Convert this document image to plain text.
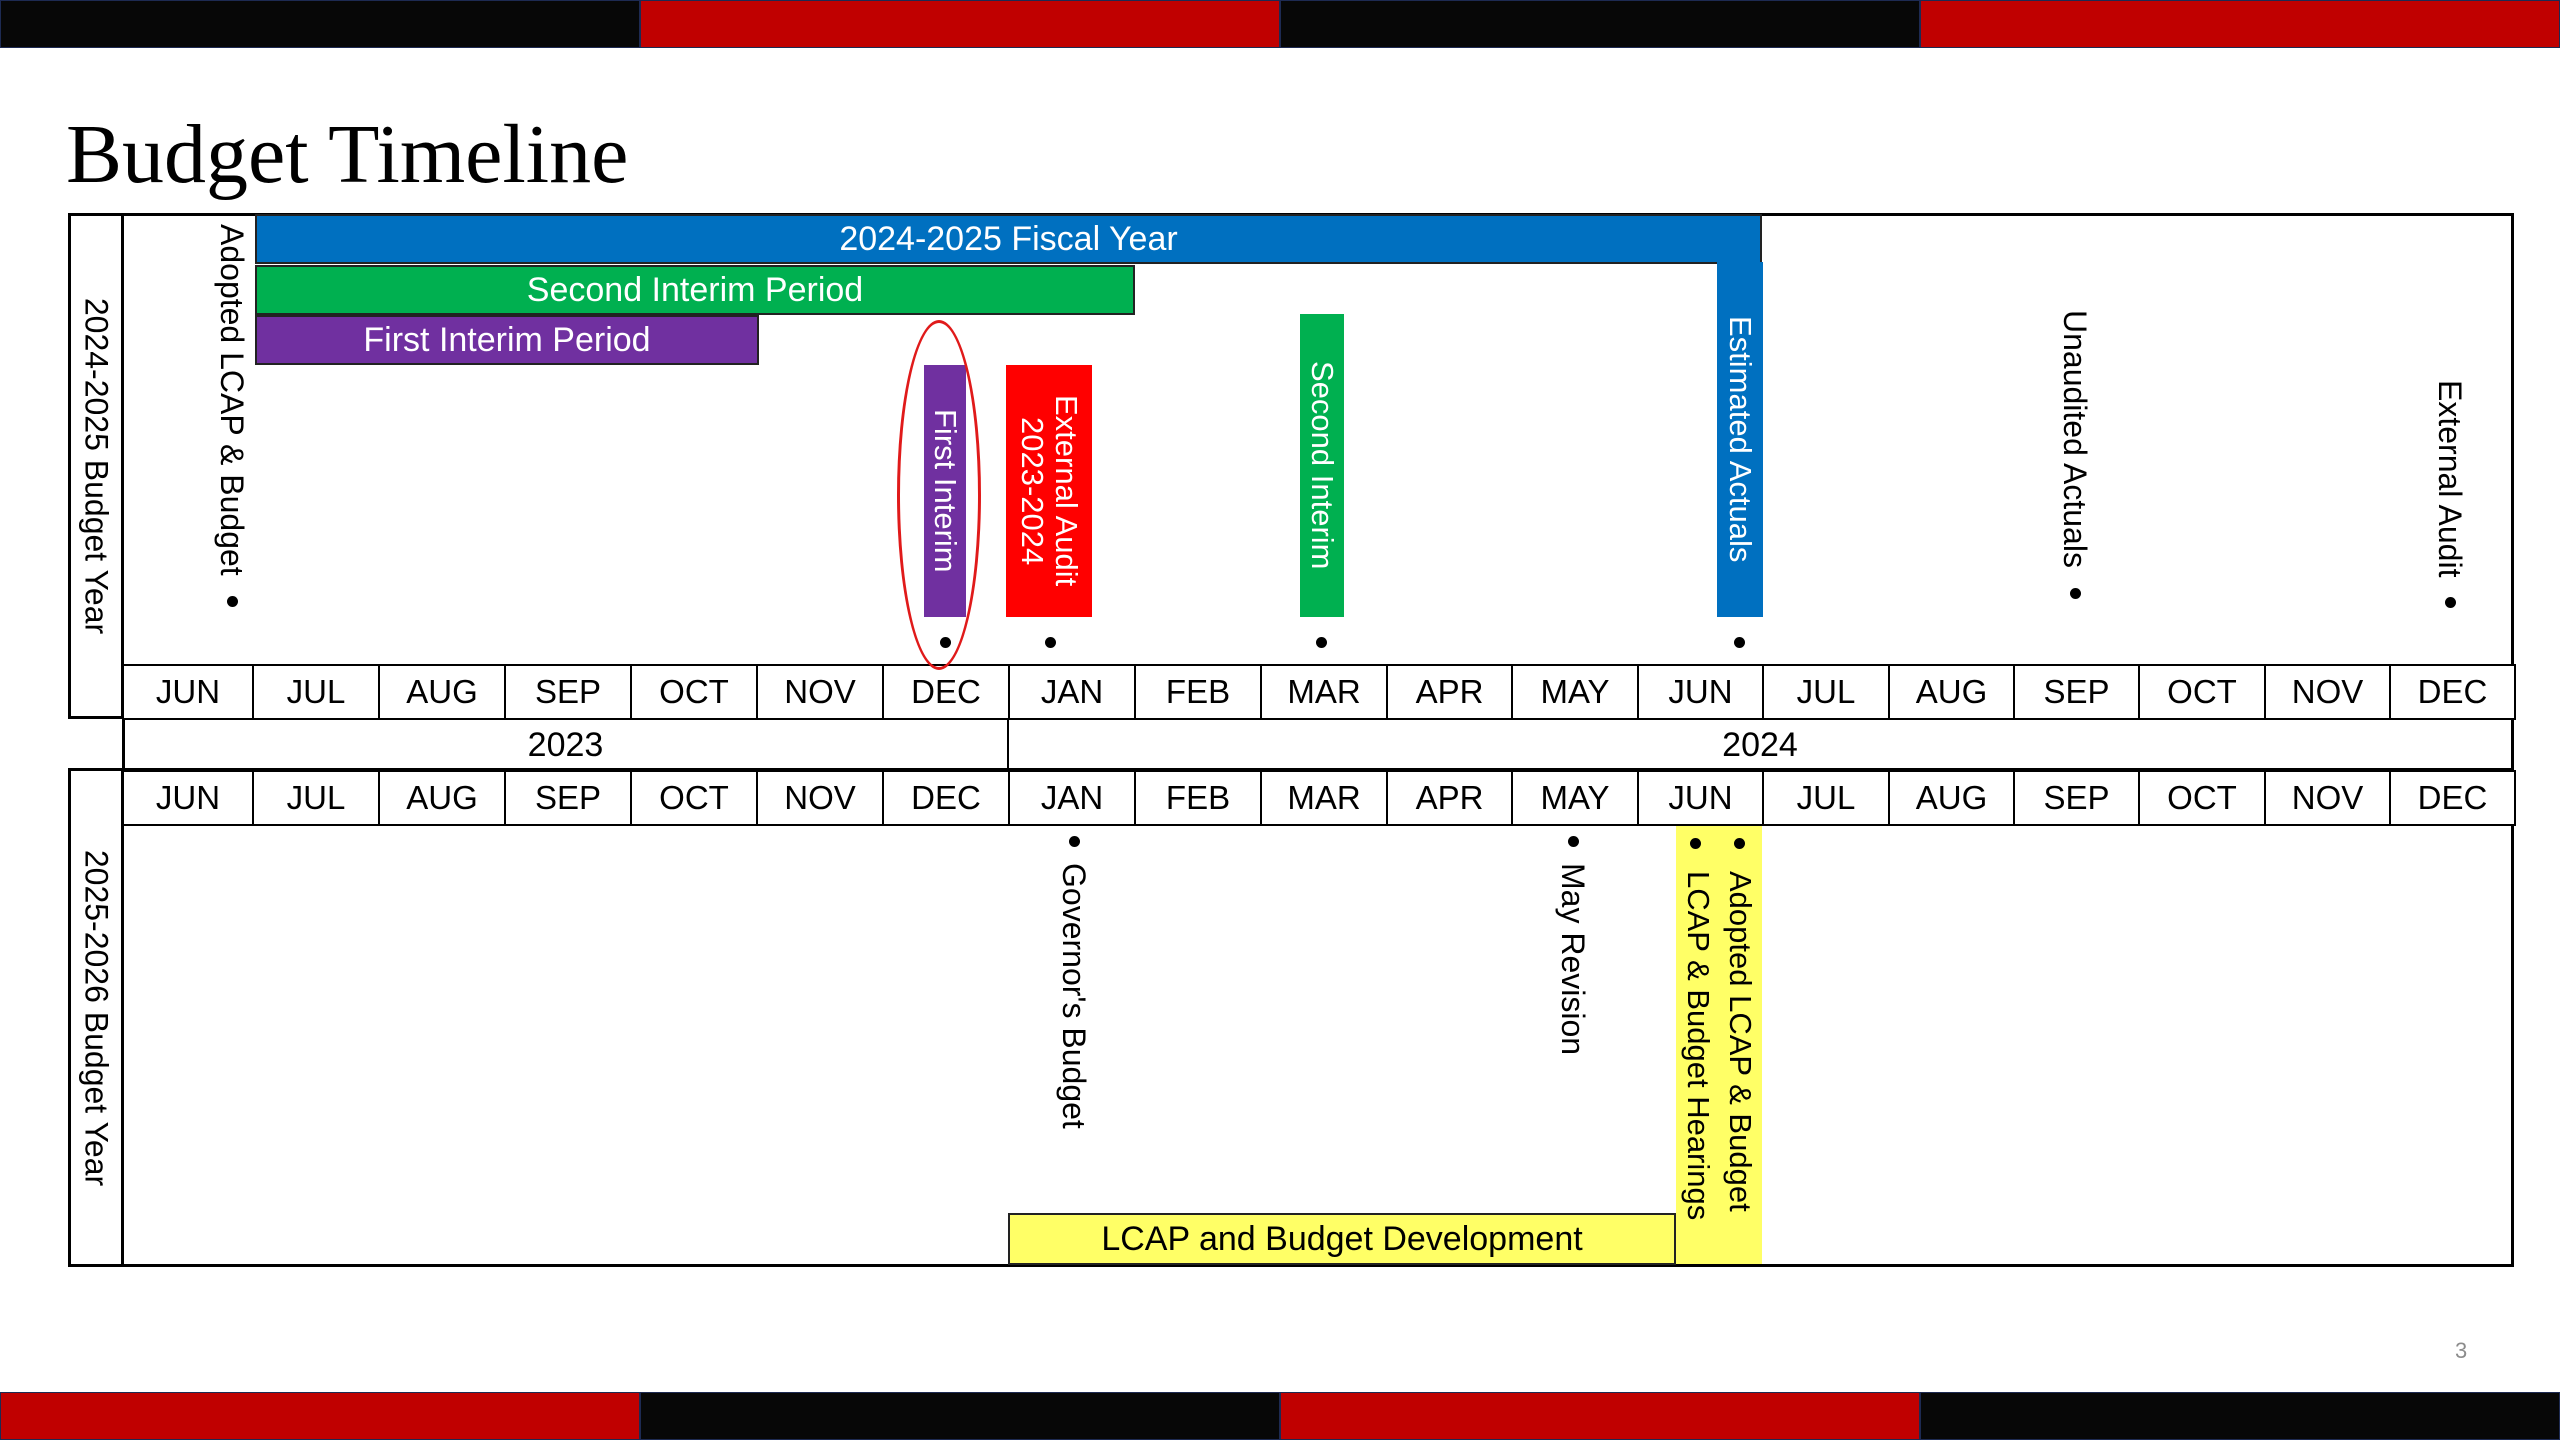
Budget Timeline
3
2024-2025 Budget Year
2025-2026 Budget Year
JUN	JUL	AUG	SEP	OCT	NOV	DEC	JAN	FEB	MAR	APR	MAY	JUN	JUL	AUG	SEP	OCT	NOV	DEC
JUN	JUL	AUG	SEP	OCT	NOV	DEC	JAN	FEB	MAR	APR	MAY	JUN	JUL	AUG	SEP	OCT	NOV	DEC
2023	2024
2024-2025 Fiscal Year
Second Interim Period
First Interim Period
Adopted LCAP & Budget	First Interim 2023-2024 External Audit	Second Interim	Estimated Actuals	Unaudited Actuals	External Audit
Governor's Budget	May Revision
LCAP and Budget Development
LCAP & Budget Hearings Adopted LCAP & Budget
